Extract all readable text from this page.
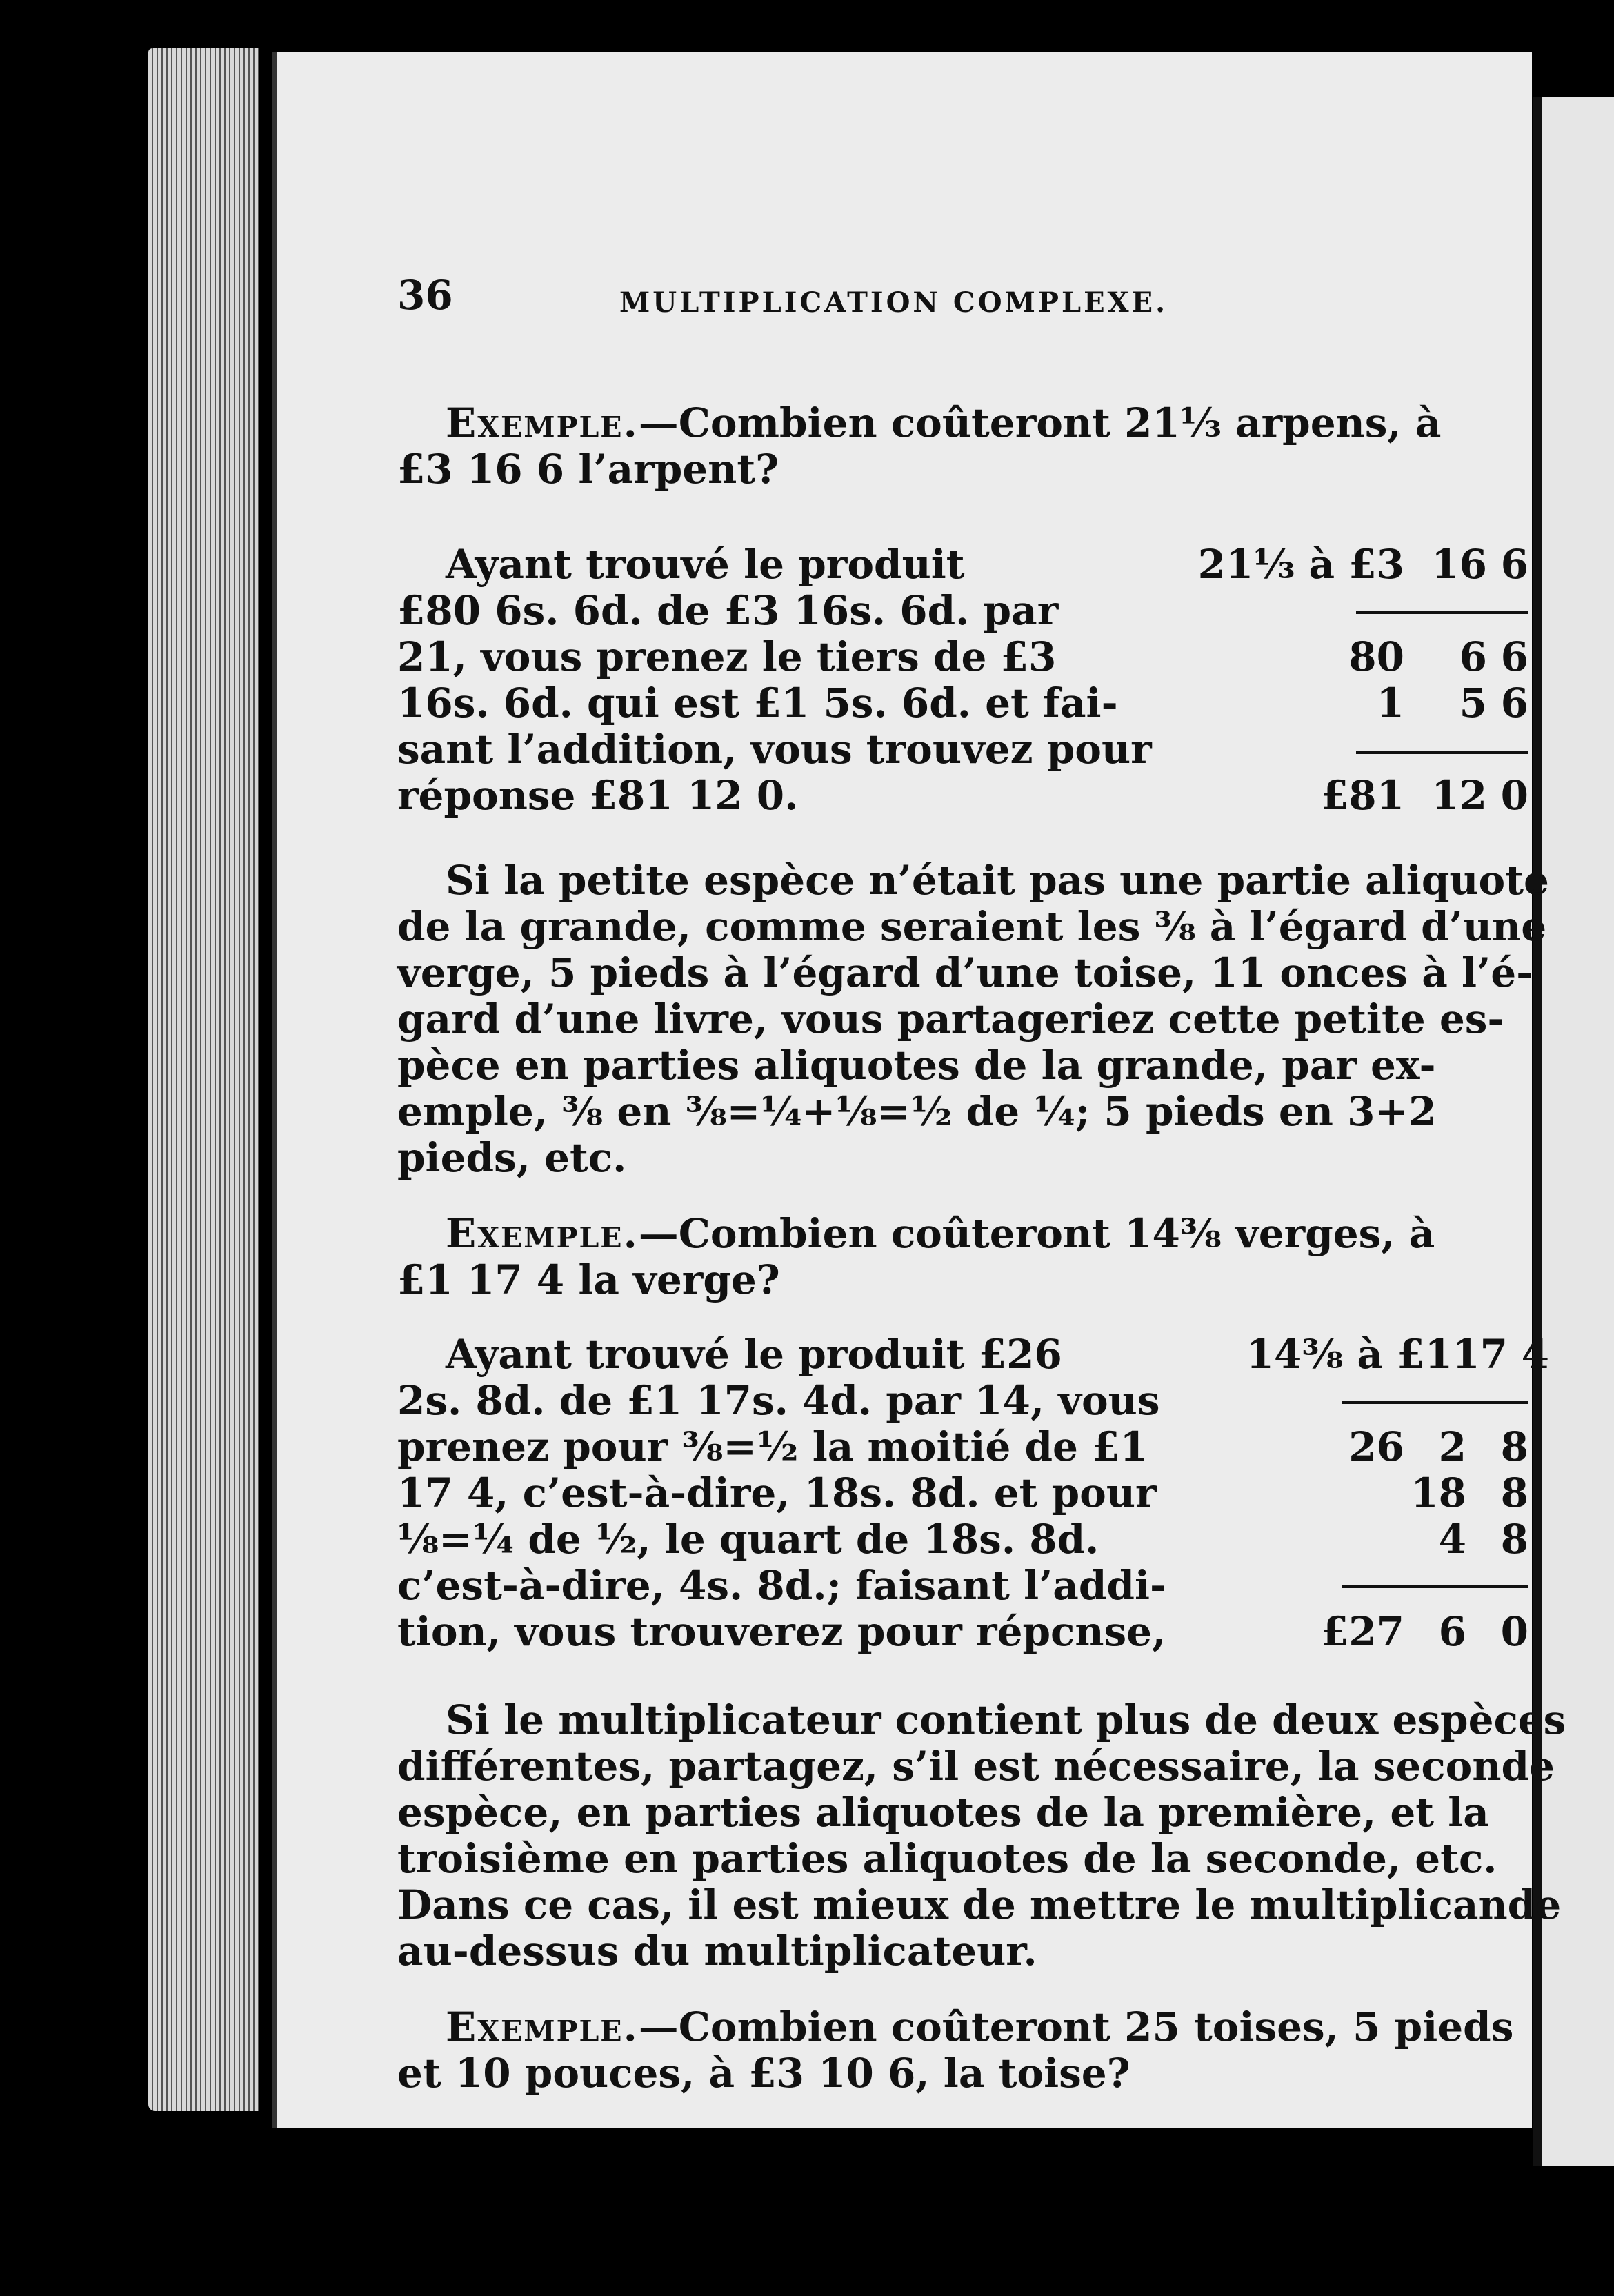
36	MULTIPLICATION COMPLEXE.
Exemple.—Combien coûteront 21⅓ arpens, à
£3 16 6 l’arpent?
Ayant trouvé le produit
£80 6s. 6d. de £3 16s. 6d. par
21, vous prenez le tiers de £3
16s. 6d. qui est £1 5s. 6d. et fai-
sant l’addition, vous trouvez pour
réponse £81 12 0.
21⅓ à £3 16 6
80 6 6
1 5 6
£81 12 0
Si la petite espèce n’était pas une partie aliquote
de la grande, comme seraient les ⅜ à l’égard d’une
verge, 5 pieds à l’égard d’une toise, 11 onces à l’é-
gard d’une livre, vous partageriez cette petite es-
pèce en parties aliquotes de la grande, par ex-
emple, ⅜ en ⅜=¼+⅛=½ de ¼; 5 pieds en 3+2
pieds, etc.
Exemple.—Combien coûteront 14⅜ verges, à
£1 17 4 la verge?
Ayant trouvé le produit £26
2s. 8d. de £1 17s. 4d. par 14, vous
prenez pour ⅜=½ la moitié de £1
17 4, c’est-à-dire, 18s. 8d. et pour
⅛=¼ de ½, le quart de 18s. 8d.
c’est-à-dire, 4s. 8d.; faisant l’addi-
tion, vous trouverez pour répcnse,
14⅜ à £1 17 4
26 2 8
18 8
4 8
£27 6 0
Si le multiplicateur contient plus de deux espèces
différentes, partagez, s’il est nécessaire, la seconde
espèce, en parties aliquotes de la première, et la
troisième en parties aliquotes de la seconde, etc.
Dans ce cas, il est mieux de mettre le multiplicande
au-dessus du multiplicateur.
Exemple.—Combien coûteront 25 toises, 5 pieds
et 10 pouces, à £3 10 6, la toise?
